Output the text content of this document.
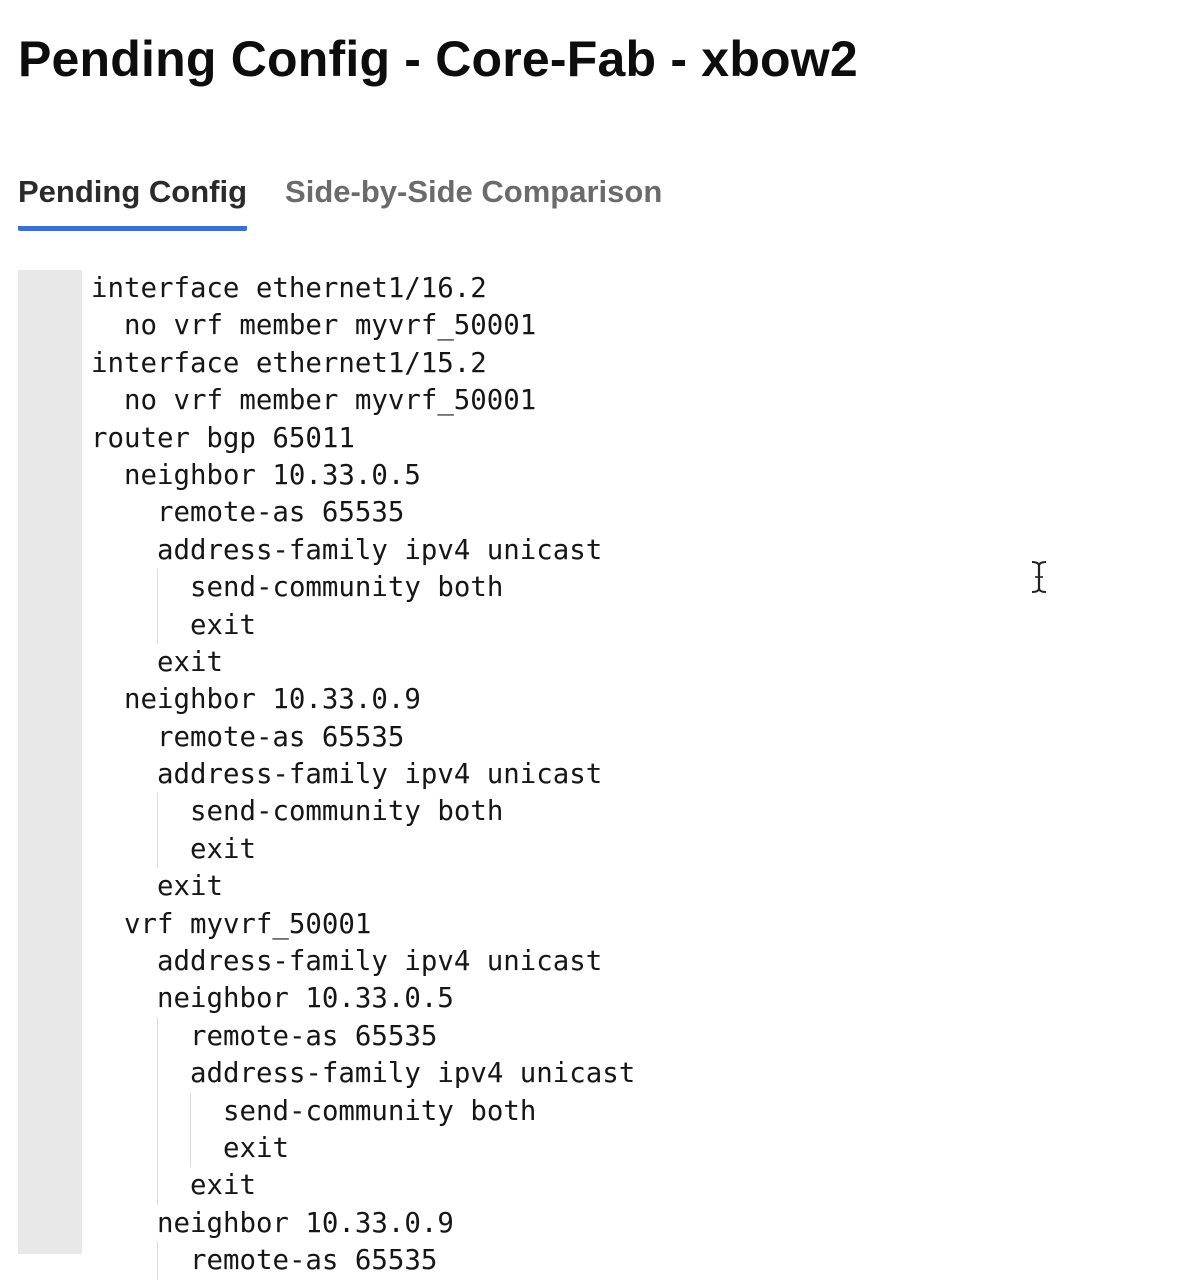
Pending Config - Core-Fab - xbow2
Pending Config Side-by-Side Comparison
interface ethernet1/16.2
no vrf member myvrf_50001
interface ethernet1/15.2
no vrf member myvrf_50001
router bgp 65011
neighbor 10.33.0.5
remote-as 65535
address-family ipv4 unicast
send-community both
exit
exit
neighbor 10.33.0.9
remote-as 65535
address-family ipv4 unicast
send-community both
exit
exit
vrf myvrf_50001
address-family ipv4 unicast
neighbor 10.33.0.5
remote-as 65535
address-family ipv4 unicast
send-community both
exit
exit
neighbor 10.33.0.9
remote-as 65535
